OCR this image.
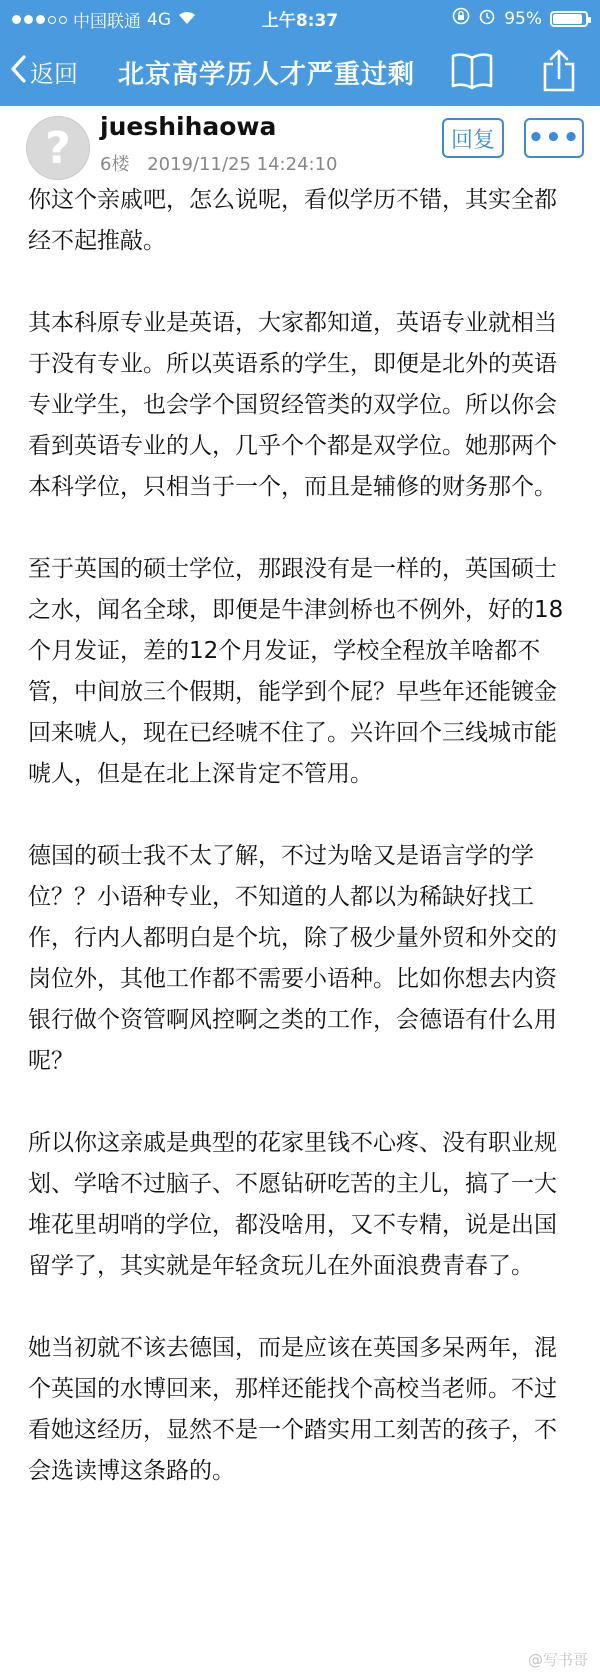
中国联通 4G	上午8:37	95%
返回 北京高学历人才严重过剩
?	jueshihaowa
6楼 2019/11/25 14:24:10
回复	•••

你这个亲戚吧，怎么说呢，看似学历不错，其实全都经不起推敲。

其本科原专业是英语，大家都知道，英语专业就相当于没有专业。所以英语系的学生，即便是北外的英语专业学生，也会学个国贸经管类的双学位。所以你会看到英语专业的人，几乎个个都是双学位。她那两个本科学位，只相当于一个，而且是辅修的财务那个。

至于英国的硕士学位，那跟没有是一样的，英国硕士之水，闻名全球，即便是牛津剑桥也不例外，好的18个月发证，差的12个月发证，学校全程放羊啥都不管，中间放三个假期，能学到个屁？早些年还能镀金回来唬人，现在已经唬不住了。兴许回个三线城市能唬人，但是在北上深肯定不管用。

德国的硕士我不太了解，不过为啥又是语言学的学位？？小语种专业，不知道的人都以为稀缺好找工作，行内人都明白是个坑，除了极少量外贸和外交的岗位外，其他工作都不需要小语种。比如你想去内资银行做个资管啊风控啊之类的工作，会德语有什么用呢？

所以你这亲戚是典型的花家里钱不心疼、没有职业规划、学啥不过脑子、不愿钻研吃苦的主儿，搞了一大堆花里胡哨的学位，都没啥用，又不专精，说是出国留学了，其实就是年轻贪玩儿在外面浪费青春了。

她当初就不该去德国，而是应该在英国多呆两年，混个英国的水博回来，那样还能找个高校当老师。不过看她这经历，显然不是一个踏实用工刻苦的孩子，不会选读博这条路的。

@写书哥
